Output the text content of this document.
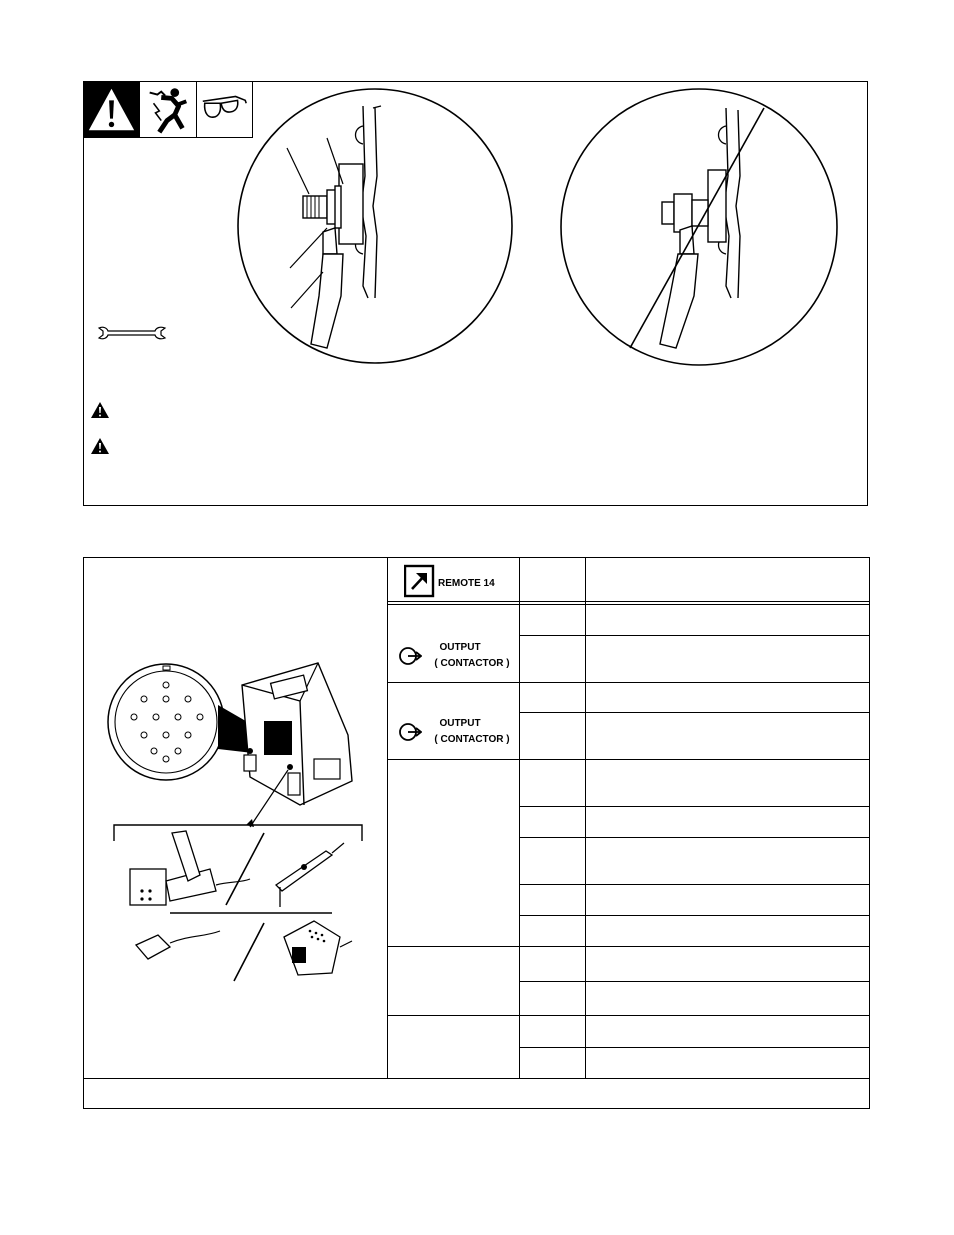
REMOTE 14
OUTPUT
( CONTACTOR )
OUTPUT
( CONTACTOR )
